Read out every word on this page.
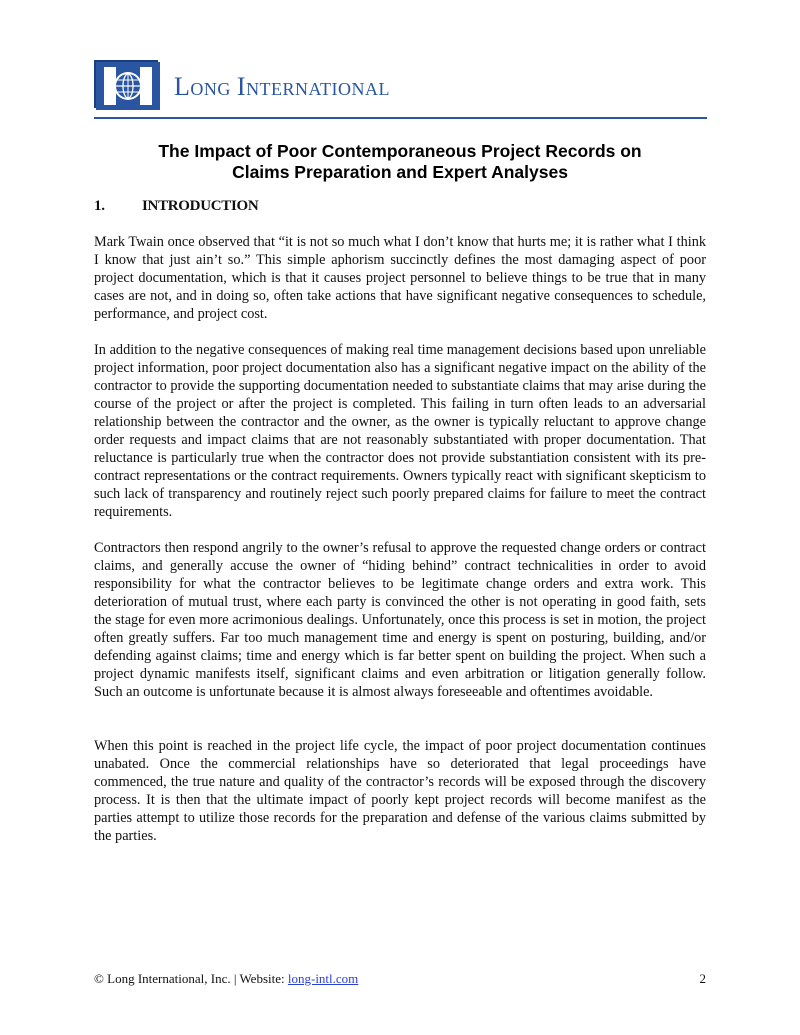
LONG INTERNATIONAL
The Impact of Poor Contemporaneous Project Records on
Claims Preparation and Expert Analyses
1. INTRODUCTION

Mark Twain once observed that “it is not so much what I don’t know that hurts me; it is rather what I think I know that just ain’t so.” This simple aphorism succinctly defines the most damaging aspect of poor project documentation, which is that it causes project personnel to believe things to be true that in many cases are not, and in doing so, often take actions that have significant negative consequences to schedule, performance, and project cost.

In addition to the negative consequences of making real time management decisions based upon unreliable project information, poor project documentation also has a significant negative impact on the ability of the contractor to provide the supporting documentation needed to substantiate claims that may arise during the course of the project or after the project is completed. This failing in turn often leads to an adversarial relationship between the contractor and the owner, as the owner is typically reluctant to approve change order requests and impact claims that are not reasonably substantiated with proper documentation. That reluctance is particularly true when the contractor does not provide substantiation consistent with its pre-contract representations or the contract requirements. Owners typically react with significant skepticism to such lack of transparency and routinely reject such poorly prepared claims for failure to meet the contract requirements.

Contractors then respond angrily to the owner’s refusal to approve the requested change orders or contract claims, and generally accuse the owner of “hiding behind” contract technicalities in order to avoid responsibility for what the contractor believes to be legitimate change orders and extra work. This deterioration of mutual trust, where each party is convinced the other is not operating in good faith, sets the stage for even more acrimonious dealings. Unfortunately, once this process is set in motion, the project often greatly suffers. Far too much management time and energy is spent on posturing, building, and/or defending against claims; time and energy which is far better spent on building the project. When such a project dynamic manifests itself, significant claims and even arbitration or litigation generally follow. Such an outcome is unfortunate because it is almost always foreseeable and oftentimes avoidable.

When this point is reached in the project life cycle, the impact of poor project documentation continues unabated. Once the commercial relationships have so deteriorated that legal proceedings have commenced, the true nature and quality of the contractor’s records will be exposed through the discovery process. It is then that the ultimate impact of poorly kept project records will become manifest as the parties attempt to utilize those records for the preparation and defense of the various claims submitted by the parties.

© Long International, Inc. | Website: long-intl.com	2
